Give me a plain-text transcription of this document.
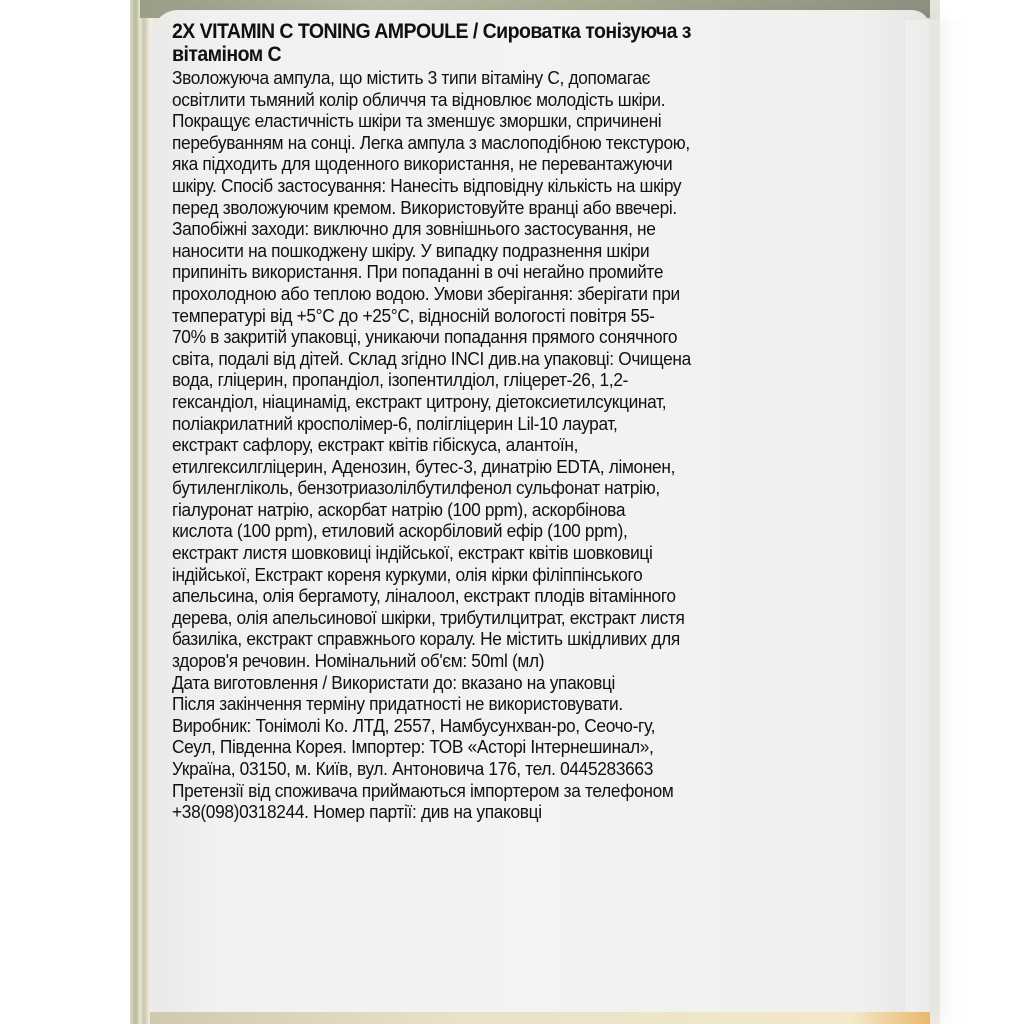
2X VITAMIN C TONING AMPOULE / Сироватка тонізуюча з
вітаміном С
Зволожуюча ампула, що містить 3 типи вітаміну С, допомагає
освітлити тьмяний колір обличчя та відновлює молодість шкіри.
Покращує еластичність шкіри та зменшує зморшки, спричинені
перебуванням на сонці. Легка ампула з маслоподібною текстурою,
яка підходить для щоденного використання, не перевантажуючи
шкіру. Спосіб застосування: Нанесіть відповідну кількість на шкіру
перед зволожуючим кремом. Використовуйте вранці або ввечері.
Запобіжні заходи: виключно для зовнішнього застосування, не
наносити на пошкоджену шкіру. У випадку подразнення шкіри
припиніть використання. При попаданні в очі негайно промийте
прохолодною або теплою водою. Умови зберігання: зберігати при
температурі від +5°С до +25°С, відносній вологості повітря 55-
70% в закритій упаковці, уникаючи попадання прямого сонячного
світа, подалі від дітей. Склад згідно INCI див.на упаковці: Очищена
вода, гліцерин, пропандіол, ізопентилдіол, гліцерет-26, 1,2-
гександіол, ніацинамід, екстракт цитрону, діетоксиетилсукцинат,
поліакрилатний кросполімер-6, полігліцерин Lil-10 лаурат,
екстракт сафлору, екстракт квітів гібіскуса, алантоїн,
етилгексилгліцерин, Аденозин, бутес-3, динатрію EDTA, лімонен,
бутиленгліколь, бензотриазолілбутилфенол сульфонат натрію,
гіалуронат натрію, аскорбат натрію (100 ppm), аскорбінова
кислота (100 ppm), етиловий аскорбіловий ефір (100 ppm),
екстракт листя шовковиці індійської, екстракт квітів шовковиці
індійської, Екстракт кореня куркуми, олія кірки філіппінського
апельсина, олія бергамоту, ліналоол, екстракт плодів вітамінного
дерева, олія апельсинової шкірки, трибутилцитрат, екстракт листя
базиліка, екстракт справжнього коралу. Не містить шкідливих для
здоров'я речовин. Номінальний об'єм: 50ml (мл)
Дата виготовлення / Використати до: вказано на упаковці
Після закінчення терміну придатності не використовувати.
Виробник: Тонімолі Ко. ЛТД, 2557, Намбусунхван-ро, Сеочо-гу,
Сеул, Південна Корея. Імпортер: ТОВ «Асторі Інтернешинал»,
Україна, 03150, м. Київ, вул. Антоновича 176, тел. 0445283663
Претензії від споживача приймаються імпортером за телефоном
+38(098)0318244. Номер партії: див на упаковці
